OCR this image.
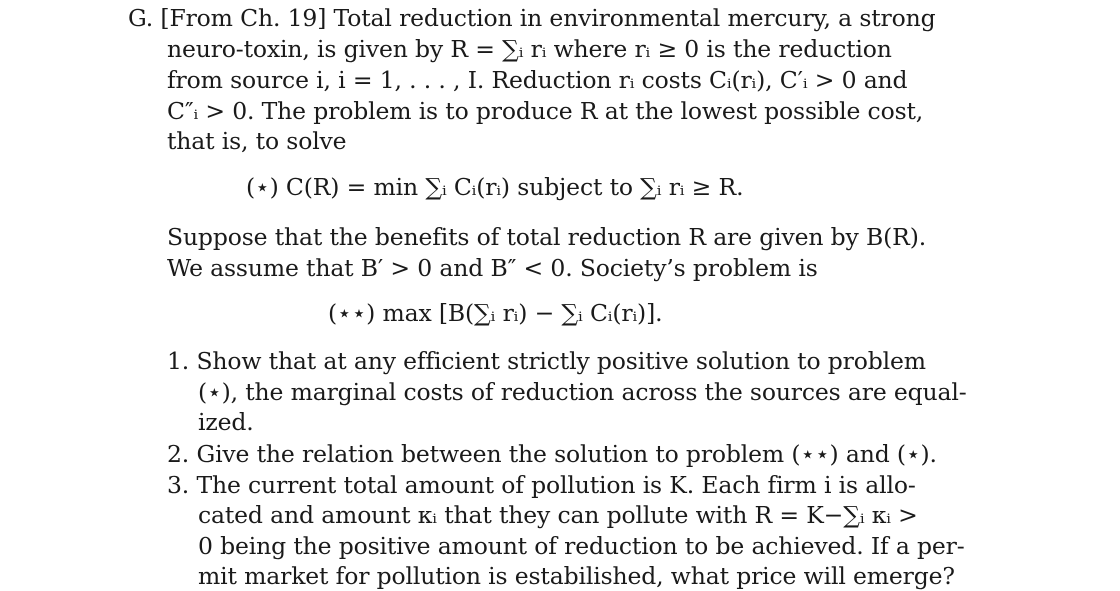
G. [From Ch. 19] Total reduction in environmental mercury, a strong
neuro-toxin, is given by R = ∑ᵢ rᵢ where rᵢ ≥ 0 is the reduction
from source i, i = 1, . . . , I. Reduction rᵢ costs Cᵢ(rᵢ), C′ᵢ > 0 and
C″ᵢ > 0. The problem is to produce R at the lowest possible cost,
that is, to solve
(⋆) C(R) = min ∑ᵢ Cᵢ(rᵢ) subject to ∑ᵢ rᵢ ≥ R.
Suppose that the benefits of total reduction R are given by B(R).
We assume that B′ > 0 and B″ < 0. Society’s problem is
(⋆⋆) max [B(∑ᵢ rᵢ) − ∑ᵢ Cᵢ(rᵢ)].
1. Show that at any efficient strictly positive solution to problem
(⋆), the marginal costs of reduction across the sources are equal-
ized.
2. Give the relation between the solution to problem (⋆⋆) and (⋆).
3. The current total amount of pollution is K. Each firm i is allo-
cated and amount κᵢ that they can pollute with R = K−∑ᵢ κᵢ >
0 being the positive amount of reduction to be achieved. If a per-
mit market for pollution is estabilished, what price will emerge?
